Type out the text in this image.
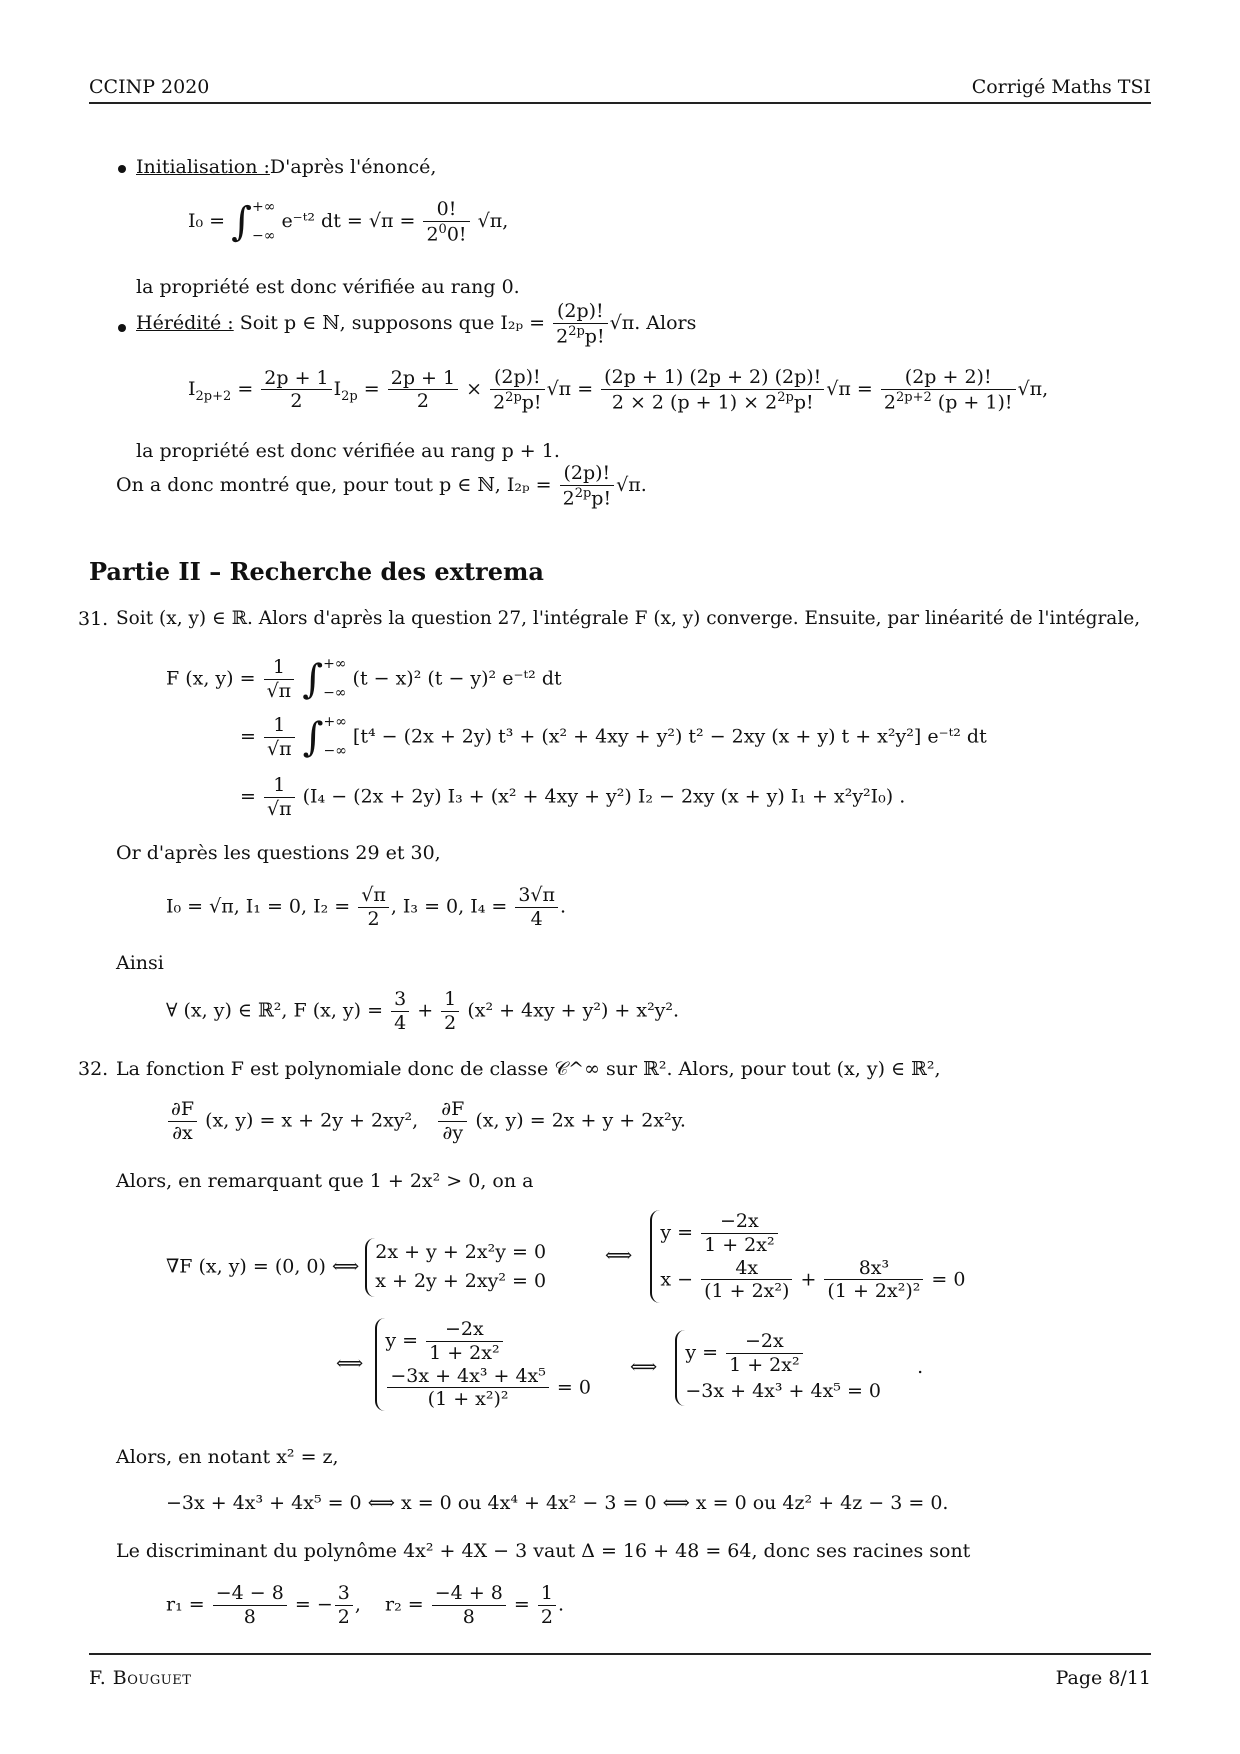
CCINP 2020	Corrigé Maths TSI
Initialisation :D'après l'énoncé,
I₀ = ∫ +∞
−∞
e⁻ᵗ² dt = $√\pi = \frac{0!}{2^00!} √\pi$,
la propriété est donc vérifiée au rang 0.
Hérédité : Soit p ∈ ℕ, supposons que $I_{2p} = \frac{(2p)!}{2^{2p}p!} √\pi$. Alors
$I_{2p+2} = \frac{2p + 1}{2} I_{2p} = \frac{2p + 1}{2} \times \frac{(2p)!}{2^{2p}p!} √\pi = \frac{(2p + 1) (2p + 2) (2p)!}{2 \times 2 (p + 1) \times 2^{2p}p!} √\pi = \frac{(2p + 2)!}{2^{2p+2} (p + 1)!} √\pi$,
la propriété est donc vérifiée au rang p + 1.
On a donc montré que, pour tout p ∈ ℕ, $I_{2p} = \frac{(2p)!}{2^{2p}p!} √\pi$.
Partie II – Recherche des extrema
31. Soit (x, y) ∈ ℝ. Alors d'après la question 27, l'intégrale F (x, y) converge. Ensuite, par linéarité de l'intégrale,
F (x, $y) = \frac{1}{√\pi}$ ∫ +∞
−∞
(t − x)² (t − y)² e⁻ᵗ² dt
= $\frac{1}{√\pi}$ ∫ +∞
−∞
[t⁴ − (2x + 2y) t³ + (x² + 4xy + y²) t² − 2xy (x + y) t + x²y²] e⁻ᵗ² dt
= $\frac{1}{√\pi} (I_4 - (2x + 2y) I_3 + (x^2 + 4xy + y^2) I_2 - 2xy$ (x + y) I₁ + x²y²I₀) .
Or d'après les questions 29 et 30,
I₀ = √π, I₁ = 0, $I_2 = \frac{√\pi}{2}$ , I₃ = 0, $I_4 = \frac{3√\pi}{4}$ .
Ainsi
∀ (x, y) ∈ ℝ², F (x, $y) = \frac{3}{4} + \frac{1}{2} (x^2 + 4xy + y^2) + x^2y^2$.
32. La fonction F est polynomiale donc de classe 𝒞^∞ sur ℝ². Alors, pour tout (x, y) ∈ ℝ²,
$\frac{\partial F}{\partial x} (x$, y) = x + 2y + 2xy², $\frac{\partial F}{\partial y} (x$, y) = 2x + y + 2x²y.
Alors, en remarquant que 1 + 2x² > 0, on a
∇F (x, y) = (0, 0) ⟺
2x + y + 2x²y = 0
x + 2y + 2xy² = 0
⟺
$y = \frac{-2x}{\text{1 + 2x²}}$
$x - \frac{4x}{\text{(1 + 2x²)}} + \frac{\text{8x³}}{\text{(1 + 2x²)²}} = 0$
⟺
$y = \frac{-2x}{\text{1 + 2x²}}$
$\frac{\text{−3x + 4x³ + 4x⁵}}{\text{(1 + x²)²}} = 0$
⟺
$y = \frac{-2x}{\text{1 + 2x²}}$
−3x + 4x³ + 4x⁵ = 0
.
Alors, en notant x² = z,
−3x + 4x³ + 4x⁵ = 0 ⟺ x = 0 ou 4x⁴ + 4x² − 3 = 0 ⟺ x = 0 ou 4z² + 4z − 3 = 0.
Le discriminant du polynôme 4x² + 4X − 3 vaut Δ = 16 + 48 = 64, donc ses racines sont
$r_1 = \frac{-4 - 8}{8}$ = − $\frac{3}{2}$ ,    $r_2 = \frac{-4 + 8}{8} = \frac{1}{2}$ .
F. Bouguet	Page 8/11
